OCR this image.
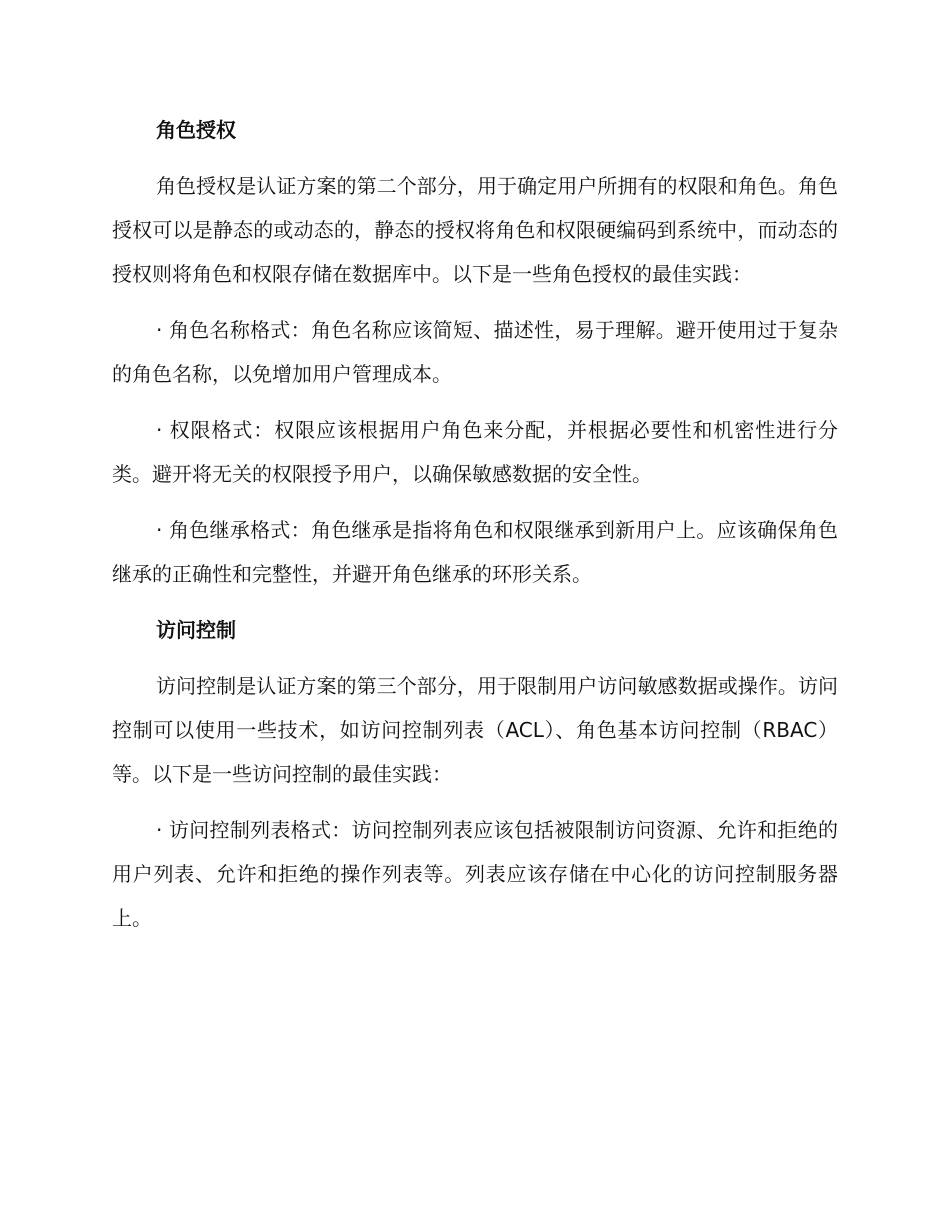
角色授权

角色授权是认证方案的第二个部分，用于确定用户所拥有的权限和角色。角色授权可以是静态的或动态的，静态的授权将角色和权限硬编码到系统中，而动态的授权则将角色和权限存储在数据库中。以下是一些角色授权的最佳实践：

· 角色名称格式：角色名称应该简短、描述性，易于理解。避开使用过于复杂的角色名称，以免增加用户管理成本。

· 权限格式：权限应该根据用户角色来分配，并根据必要性和机密性进行分类。避开将无关的权限授予用户，以确保敏感数据的安全性。

· 角色继承格式：角色继承是指将角色和权限继承到新用户上。应该确保角色继承的正确性和完整性，并避开角色继承的环形关系。

访问控制

访问控制是认证方案的第三个部分，用于限制用户访问敏感数据或操作。访问控制可以使用一些技术，如访问控制列表（ACL）、角色基本访问控制（RBAC）等。以下是一些访问控制的最佳实践：

· 访问控制列表格式：访问控制列表应该包括被限制访问资源、允许和拒绝的用户列表、允许和拒绝的操作列表等。列表应该存储在中心化的访问控制服务器上。
